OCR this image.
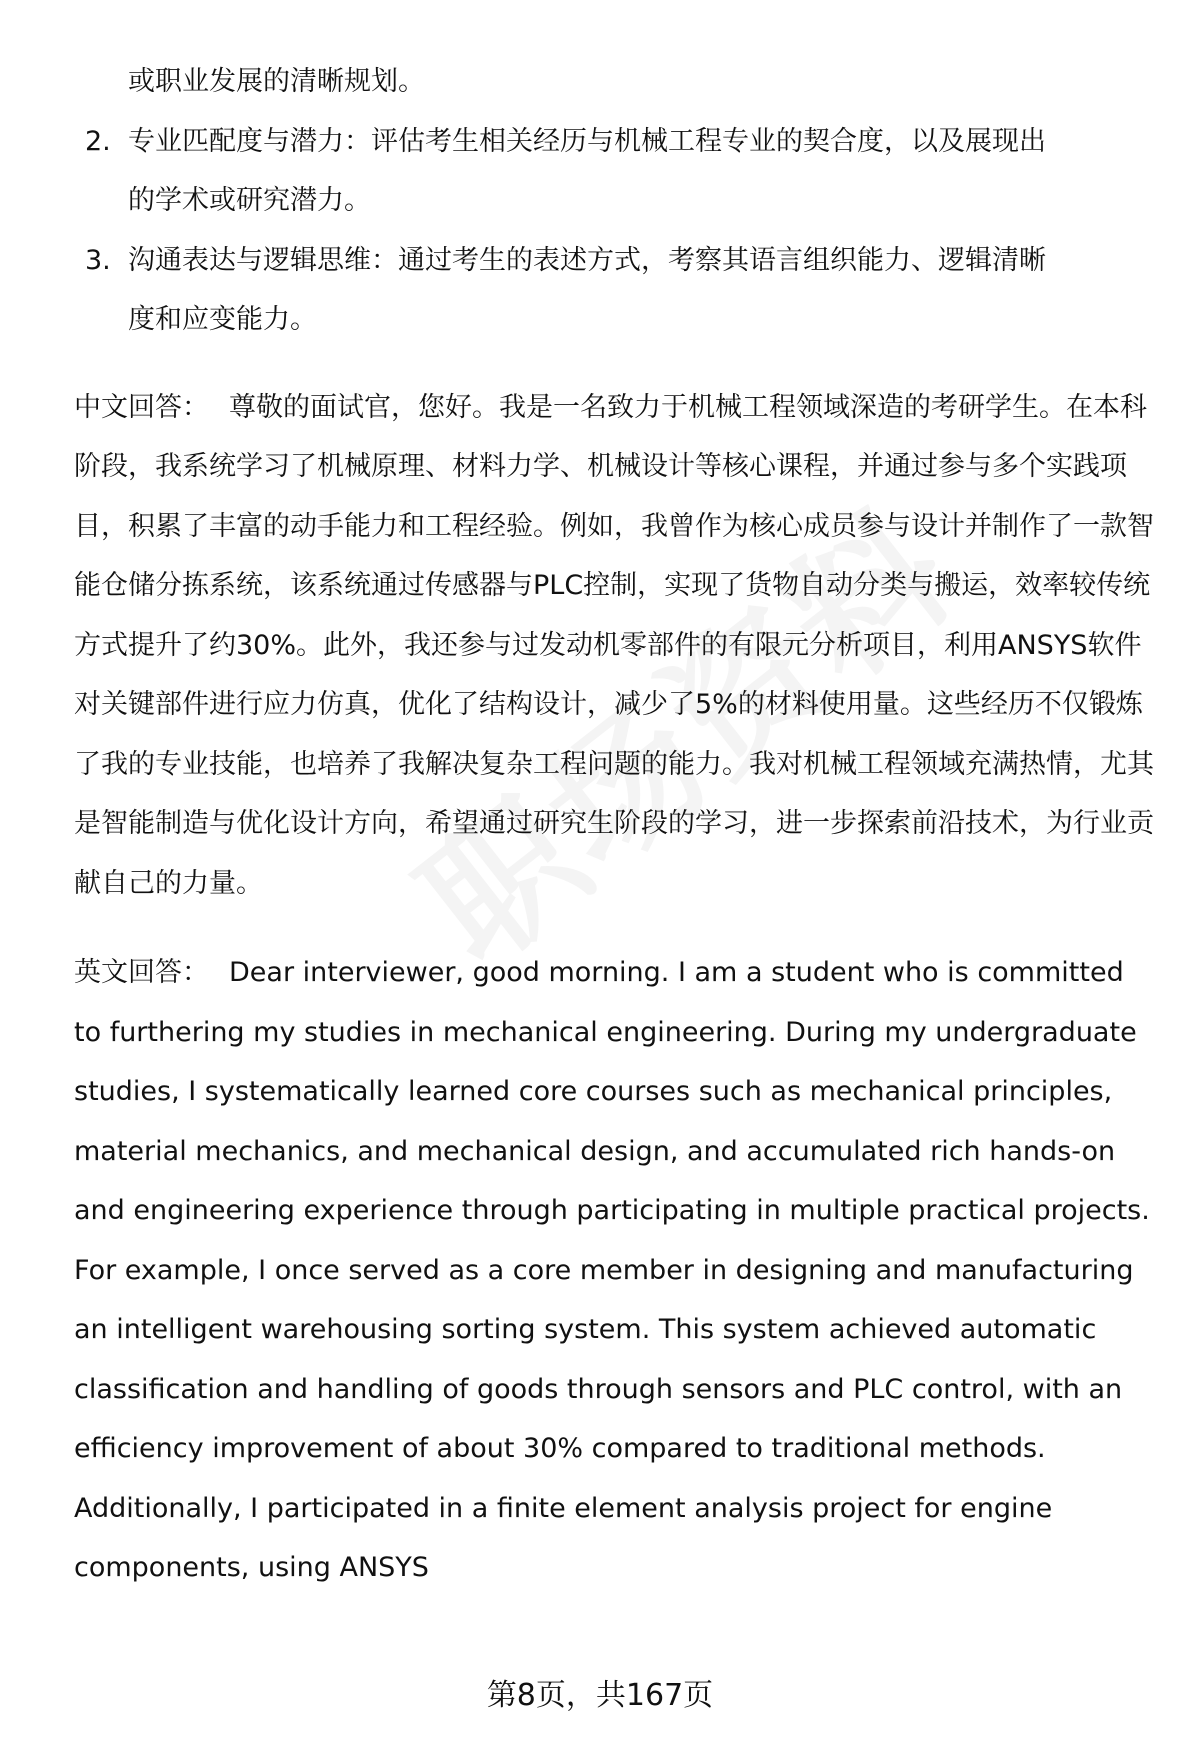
或职业发展的清晰规划。

2. 专业匹配度与潜力：评估考生相关经历与机械工程专业的契合度，以及展现出

的学术或研究潜力。

3. 沟通表达与逻辑思维：通过考生的表述方式，考察其语言组织能力、逻辑清晰

度和应变能力。

中文回答： 尊敬的面试官，您好。我是一名致力于机械工程领域深造的考研学生。在本科阶段，我系统学习了机械原理、材料力学、机械设计等核心课程，并通过参与多个实践项目，积累了丰富的动手能力和工程经验。例如，我曾作为核心成员参与设计并制作了一款智能仓储分拣系统，该系统通过传感器与PLC控制，实现了货物自动分类与搬运，效率较传统方式提升了约30%。此外，我还参与过发动机零部件的有限元分析项目，利用ANSYS软件对关键部件进行应力仿真，优化了结构设计，减少了5%的材料使用量。这些经历不仅锻炼了我的专业技能，也培养了我解决复杂工程问题的能力。我对机械工程领域充满热情，尤其是智能制造与优化设计方向，希望通过研究生阶段的学习，进一步探索前沿技术，为行业贡献自己的力量。

英文回答： Dear interviewer, good morning. I am a student who is committed to furthering my studies in mechanical engineering. During my undergraduate studies, I systematically learned core courses such as mechanical principles, material mechanics, and mechanical design, and accumulated rich hands-on and engineering experience through participating in multiple practical projects. For example, I once served as a core member in designing and manufacturing an intelligent warehousing sorting system. This system achieved automatic classification and handling of goods through sensors and PLC control, with an efficiency improvement of about 30% compared to traditional methods. Additionally, I participated in a finite element analysis project for engine components, using ANSYS

第8页，共167页
